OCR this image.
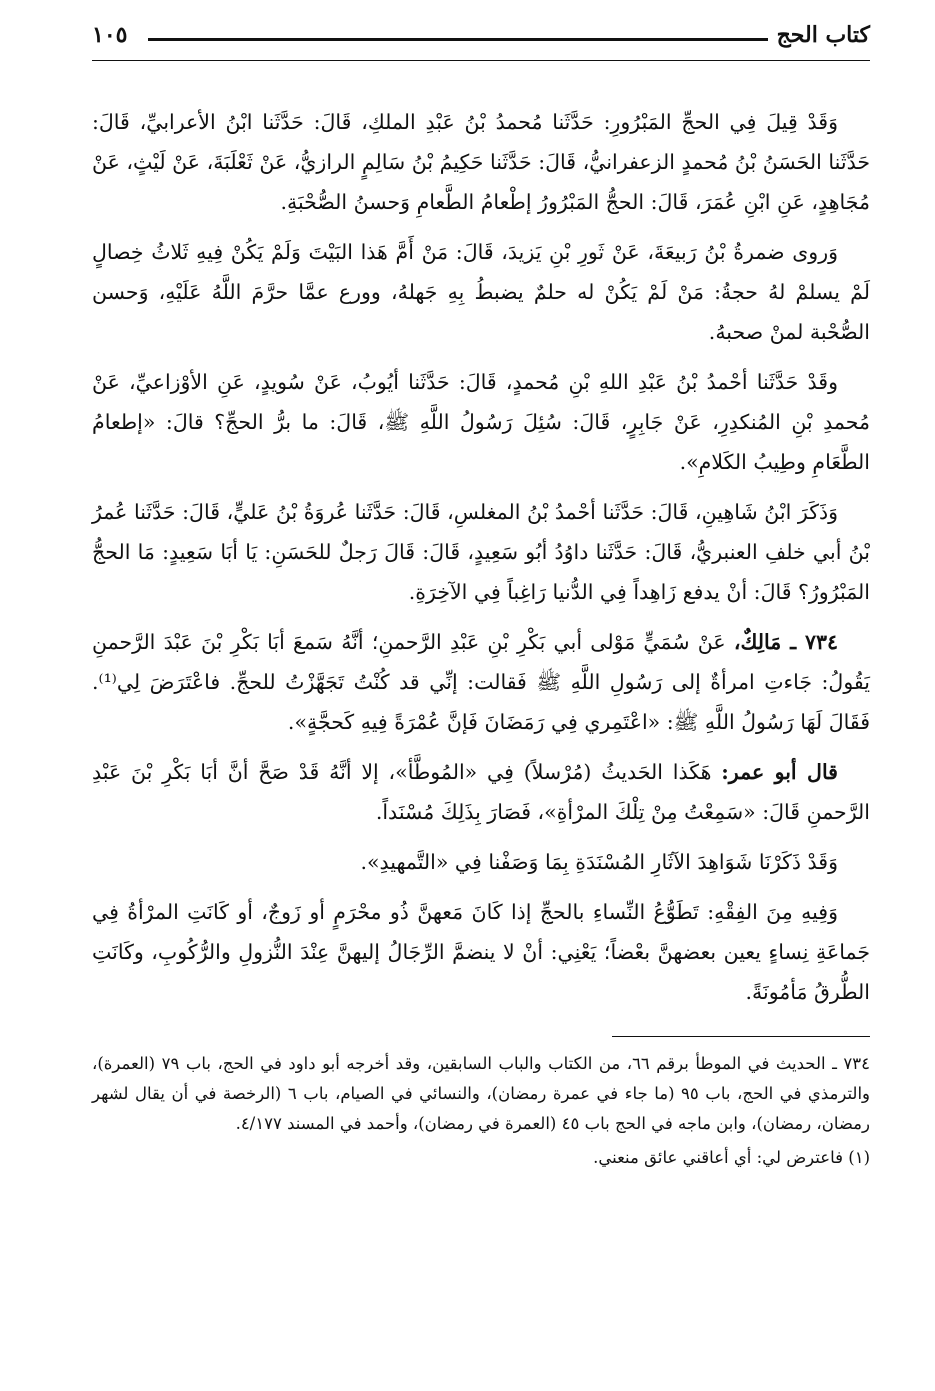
كتاب الحج
١٠٥

وَقَدْ قِيلَ فِي الحجِّ المَبْرُورِ: حَدَّثَنا مُحمدُ بْنُ عَبْدِ الملكِ، قَالَ: حَدَّثَنا ابْنُ الأعرابيِّ، قَالَ: حَدَّثَنا الحَسَنُ بْنُ مُحمدٍ الزعفرانيُّ، قَالَ: حَدَّثَنا حَكِيمُ بْنُ سَالِمٍ الرازيُّ، عَنْ ثَعْلَبَةَ، عَنْ لَيْثٍ، عَنْ مُجَاهِدٍ، عَنِ ابْنِ عُمَرَ، قَالَ: الحجُّ المَبْرُورُ إطْعامُ الطَّعامِ وَحسنُ الصُّحْبَةِ.

وَروى ضمرةُ بْنُ رَبيعَةَ، عَنْ ثَورِ بْنِ يَزيدَ، قَالَ: مَنْ أَمَّ هَذا البَيْتَ وَلَمْ يَكُنْ فِيهِ ثَلاثُ خِصالٍ لَمْ يسلمْ لهُ حجةُ: مَنْ لَمْ يَكُنْ له حلمٌ يضبطُ بِهِ جَهلهُ، وورع عمَّا حرَّمَ اللَّهُ عَلَيْهِ، وَحسن الصُّحْبة لمنْ صحبهُ.

وقَدْ حَدَّثَنا أحْمدُ بْنُ عَبْدِ اللهِ بْنِ مُحمدٍ، قَالَ: حَدَّثَنا أيُوبُ، عَنْ سُويدٍ، عَنِ الأوْزاعيِّ، عَنْ مُحمدِ بْنِ المُنكدِرِ، عَنْ جَابِرٍ، قَالَ: سُئِلَ رَسُولُ اللَّهِ ﷺ، قَالَ: ما برُّ الحجِّ؟ قالَ: «إطعامُ الطَّعَامِ وطِيبُ الكَلامِ».

وَذَكَرَ ابْنُ شَاهِينِ، قَالَ: حَدَّثَنا أحْمدُ بْنُ المغلسِ، قَالَ: حَدَّثَنا عُروَةُ بْنُ عَليٍّ، قَالَ: حَدَّثَنا عُمرُ بْنُ أبي خلفِ العنبريُّ، قَالَ: حَدَّثَنا داوُدُ أبُو سَعِيدٍ، قَالَ: قَالَ رَجلٌ للحَسَنِ: يَا أبَا سَعِيدٍ: مَا الحجُّ المَبْرُورُ؟ قَالَ: أنْ يدفع زَاهِداً فِي الدُّنيا رَاغِباً فِي الآخِرَةِ.

٧٣٤ ـ مَالِكٌ، عَنْ سُمَيٍّ مَوْلى أبي بَكْرِ بْنِ عَبْدِ الرَّحمنِ؛ أنَّهُ سَمعَ أبَا بَكْرِ بْنَ عَبْدَ الرَّحمنِ يَقُولُ: جَاءتِ امرأةٌ إلى رَسُولِ اللَّهِ ﷺ فَقالت: إنِّي قد كُنْتُ تَجَهَّزْتُ للحجِّ. فاعْتَرَضَ لِي⁽¹⁾. فَقَالَ لَهَا رَسُولُ اللَّهِ ﷺ: «اعْتَمِري فِي رَمَضَانَ فَإنَّ عُمْرَةً فِيهِ كَحجَّةٍ».

قال أبو عمر: هَكَذا الحَديثُ (مُرْسلاً) فِي «المُوطَّأ»، إلا أنَّهُ قَدْ صَحَّ أنَّ أبَا بَكْرِ بْنَ عَبْدِ الرَّحمنِ قَالَ: «سَمِعْتُ مِنْ تِلْكَ المرْأةِ»، فَصَارَ بِذَلِكَ مُسْنَداً.

وَقَدْ ذَكَرْنَا شَوَاهِدَ الآثَارِ المُسْنَدَةِ بِمَا وَصَفْنا فِي «التَّمهيدِ».

وَفِيهِ مِنَ الفِقْهِ: تَطَوُّعُ النِّساءِ بالحجِّ إذا كَانَ مَعهنَّ ذُو محْرَمٍ أو زَوجٌ، أو كَانَتِ المرْأةُ فِي جَماعَةِ نِساءٍ يعين بعضهنَّ بعْضاً؛ يَعْنِي: أنْ لا ينضمَّ الرِّجَالُ إليهنَّ عِنْدَ النُّزولِ والرُّكُوبِ، وكَانَتِ الطُّرقُ مَأمُونَةً.

٧٣٤ ـ الحديث في الموطأ برقم ٦٦، من الكتاب والباب السابقين، وقد أخرجه أبو داود في الحج، باب ٧٩ (العمرة)، والترمذي في الحج، باب ٩٥ (ما جاء في عمرة رمضان)، والنسائي في الصيام، باب ٦ (الرخصة في أن يقال لشهر رمضان، رمضان)، وابن ماجه في الحج باب ٤٥ (العمرة في رمضان)، وأحمد في المسند ٤/١٧٧.

(١) فاعترض لي: أي أعاقني عائق منعني.
